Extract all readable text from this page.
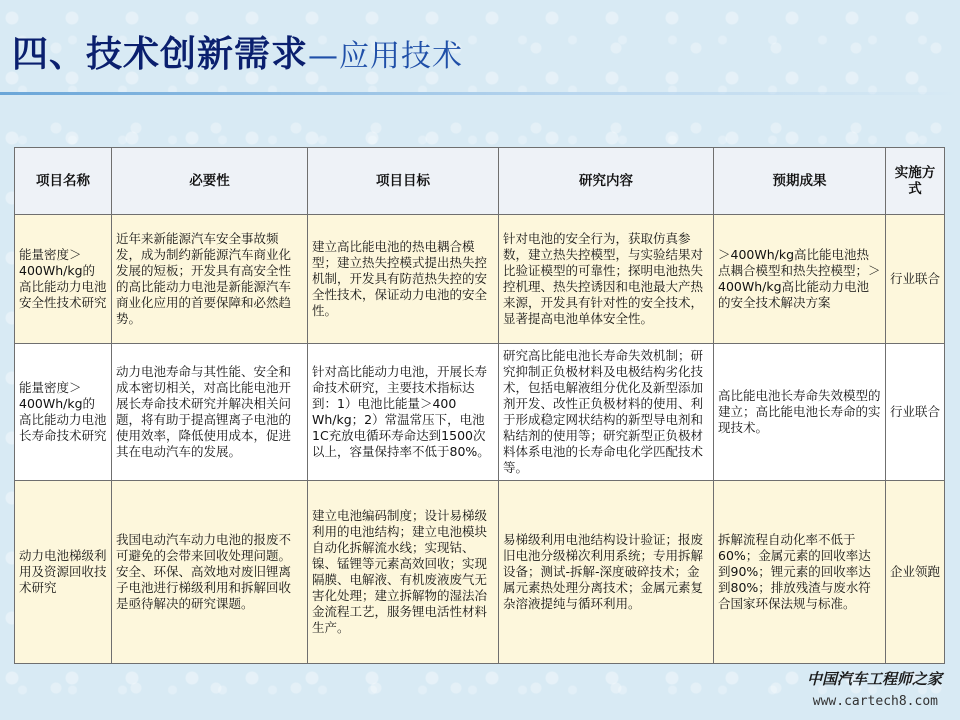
四、技术创新需求—应用技术
项目名称	必要性	项目目标	研究内容	预期成果	实施方式
能量密度＞400Wh/kg的高比能动力电池安全性技术研究	近年来新能源汽车安全事故频发，成为制约新能源汽车商业化发展的短板；开发具有高安全性的高比能动力电池是新能源汽车商业化应用的首要保障和必然趋势。	建立高比能电池的热电耦合模型；建立热失控模式提出热失控机制，开发具有防范热失控的安全性技术，保证动力电池的安全性。	针对电池的安全行为，获取仿真参数，建立热失控模型，与实验结果对比验证模型的可靠性；探明电池热失控机理、热失控诱因和电池最大产热来源，开发具有针对性的安全技术，显著提高电池单体安全性。	＞400Wh/kg高比能电池热点耦合模型和热失控模型；＞400Wh/kg高比能动力电池的安全技术解决方案	行业联合
能量密度＞400Wh/kg的高比能动力电池长寿命技术研究	动力电池寿命与其性能、安全和成本密切相关，对高比能电池开展长寿命技术研究并解决相关问题，将有助于提高锂离子电池的使用效率，降低使用成本，促进其在电动汽车的发展。	针对高比能动力电池，开展长寿命技术研究，主要技术指标达到：1）电池比能量＞400 Wh/kg；2）常温常压下，电池1C充放电循环寿命达到1500次以上，容量保持率不低于80%。	研究高比能电池长寿命失效机制；研究抑制正负极材料及电极结构劣化技术，包括电解液组分优化及新型添加剂开发、改性正负极材料的使用、利于形成稳定网状结构的新型导电剂和粘结剂的使用等；研究新型正负极材料体系电池的长寿命电化学匹配技术等。	高比能电池长寿命失效模型的建立；高比能电池长寿命的实现技术。	行业联合
动力电池梯级利用及资源回收技术研究	我国电动汽车动力电池的报废不可避免的会带来回收处理问题。安全、环保、高效地对废旧锂离子电池进行梯级利用和拆解回收是亟待解决的研究课题。	建立电池编码制度；设计易梯级利用的电池结构；建立电池模块自动化拆解流水线；实现钴、镍、锰锂等元素高效回收；实现隔膜、电解液、有机废液废气无害化处理；建立拆解物的湿法冶金流程工艺，服务锂电活性材料生产。	易梯级利用电池结构设计验证；报废旧电池分级梯次利用系统；专用拆解设备；测试-拆解-深度破碎技术；金属元素热处理分离技术；金属元素复杂溶液提纯与循环利用。	拆解流程自动化率不低于60%；金属元素的回收率达到90%；锂元素的回收率达到80%；排放残渣与废水符合国家环保法规与标准。	企业领跑
中国汽车工程师之家
www.cartech8.com
